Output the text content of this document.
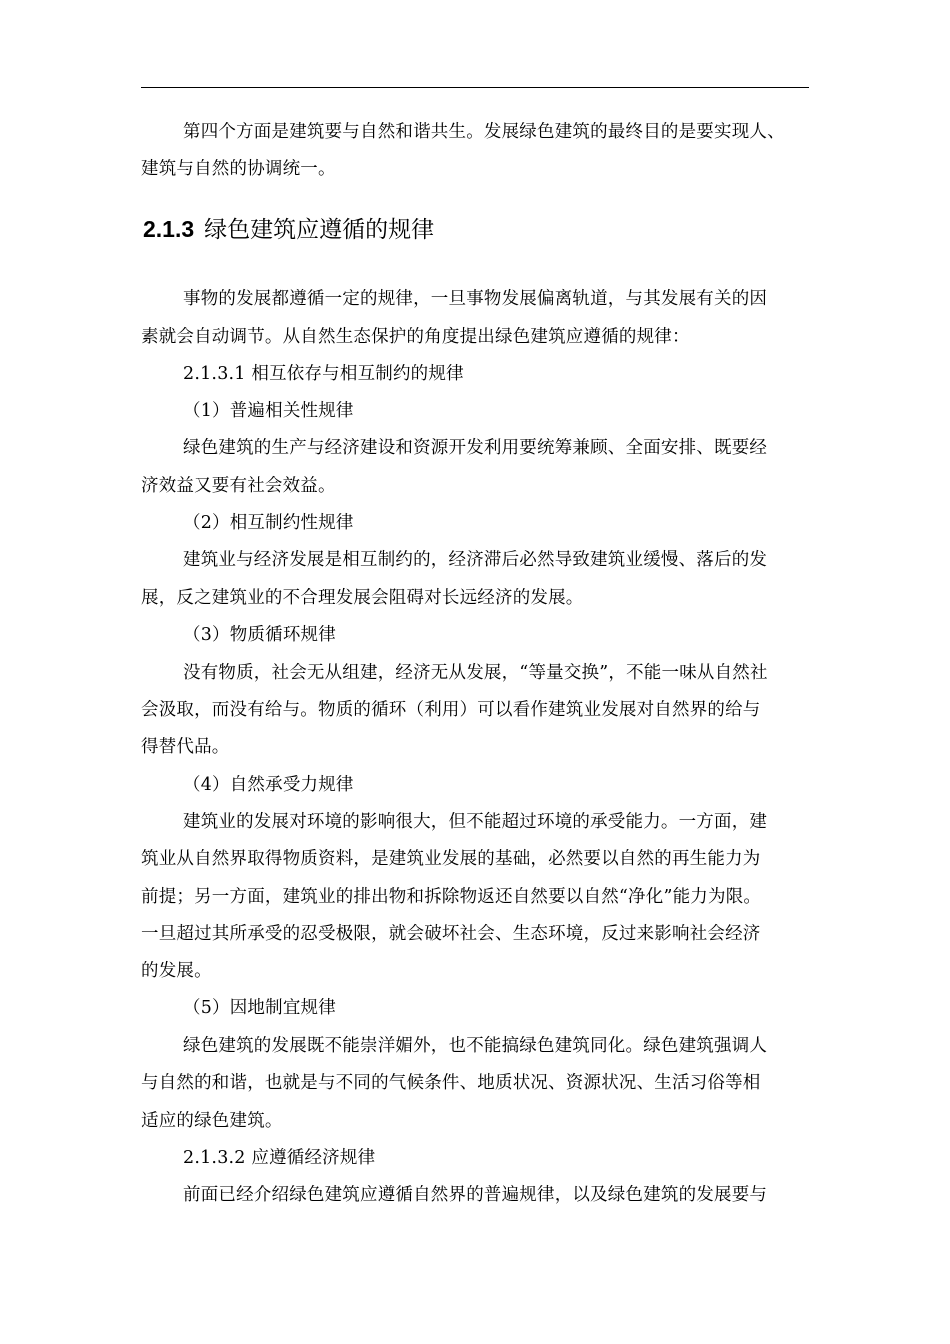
2.1.3 绿色建筑应遵循的规律
第四个方面是建筑要与自然和谐共生。发展绿色建筑的最终目的是要实现人、
建筑与自然的协调统一。
事物的发展都遵循一定的规律，一旦事物发展偏离轨道，与其发展有关的因
素就会自动调节。从自然生态保护的角度提出绿色建筑应遵循的规律：
2.1.3.1 相互依存与相互制约的规律
（1）普遍相关性规律
绿色建筑的生产与经济建设和资源开发利用要统筹兼顾、全面安排、既要经
济效益又要有社会效益。
（2）相互制约性规律
建筑业与经济发展是相互制约的，经济滞后必然导致建筑业缓慢、落后的发
展，反之建筑业的不合理发展会阻碍对长远经济的发展。
（3）物质循环规律
没有物质，社会无从组建，经济无从发展，“等量交换”，不能一味从自然社
会汲取，而没有给与。物质的循环（利用）可以看作建筑业发展对自然界的给与
得替代品。
（4）自然承受力规律
建筑业的发展对环境的影响很大，但不能超过环境的承受能力。一方面，建
筑业从自然界取得物质资料，是建筑业发展的基础，必然要以自然的再生能力为
前提；另一方面，建筑业的排出物和拆除物返还自然要以自然“净化”能力为限。
一旦超过其所承受的忍受极限，就会破坏社会、生态环境，反过来影响社会经济
的发展。
（5）因地制宜规律
绿色建筑的发展既不能崇洋媚外，也不能搞绿色建筑同化。绿色建筑强调人
与自然的和谐，也就是与不同的气候条件、地质状况、资源状况、生活习俗等相
适应的绿色建筑。
2.1.3.2 应遵循经济规律
前面已经介绍绿色建筑应遵循自然界的普遍规律，以及绿色建筑的发展要与
